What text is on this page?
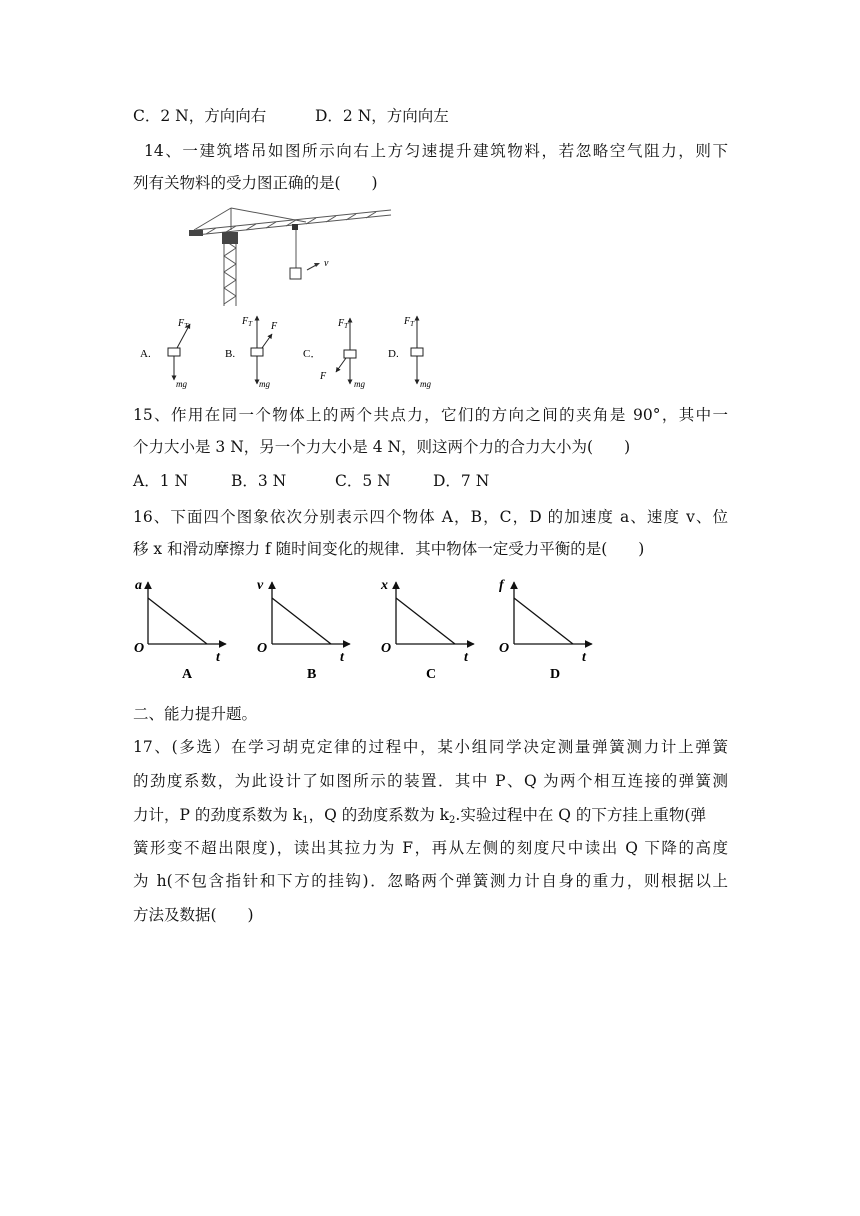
C．2 N，方向向右	D．2 N，方向向左
14、一建筑塔吊如图所示向右上方匀速提升建筑物料，若忽略空气阻力，则下
列有关物料的受力图正确的是(　　)
v
A.
$F_T$
mg
B.
$F_T$ F
mg
C．
$F_T$
F
mg
D.
$F_T$
mg
15、作用在同一个物体上的两个共点力，它们的方向之间的夹角是 90°，其中一
个力大小是 3 N，另一个力大小是 4 N，则这两个力的合力大小为(　　)
A．1 N	B．3 N	C．5 N	D．7 N
16、下面四个图象依次分别表示四个物体 A，B，C，D 的加速度 a、速度 v、位
移 x 和滑动摩擦力 f 随时间变化的规律．其中物体一定受力平衡的是(　　)
a
O
t
A
v
O
t
B
x
O
t
C
f
O
t
D
二、能力提升题。
17、(多选）在学习胡克定律的过程中，某小组同学决定测量弹簧测力计上弹簧
的劲度系数，为此设计了如图所示的装置．其中 P、Q 为两个相互连接的弹簧测
力计，P 的劲度系数为 $k_1$，Q 的劲度系数为 $k_2$.实验过程中在 Q 的下方挂上重物(弹
簧形变不超出限度)，读出其拉力为 F，再从左侧的刻度尺中读出 Q 下降的高度
为 h(不包含指针和下方的挂钩)．忽略两个弹簧测力计自身的重力，则根据以上
方法及数据(　　)
